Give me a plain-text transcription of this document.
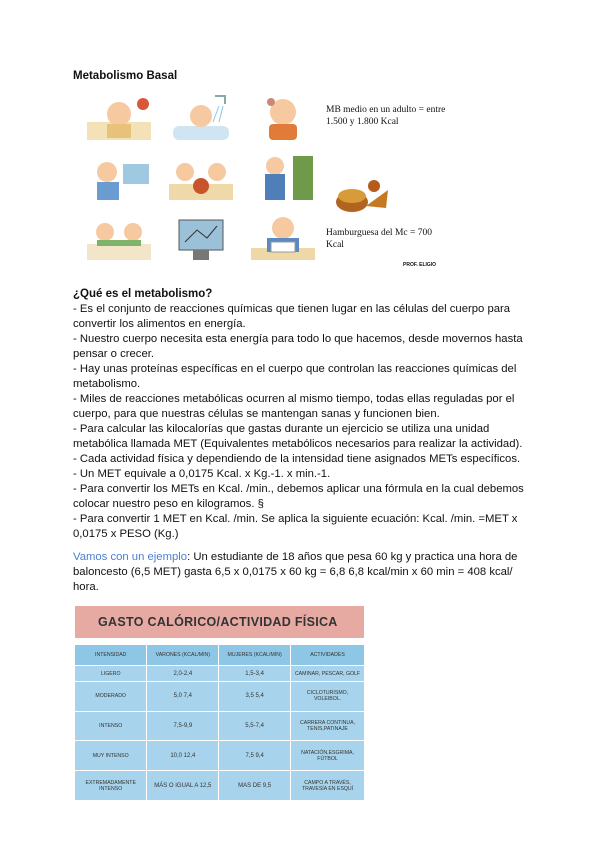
Metabolismo Basal
MB medio en un adulto = entre 1.500 y 1.800 Kcal
Hamburguesa del Mc = 700 Kcal
PROF. ELIGIO
¿Qué es el metabolismo?

- Es el conjunto de reacciones químicas que tienen lugar en las células del cuerpo para convertir los alimentos en energía.

- Nuestro cuerpo necesita esta energía para todo lo que hacemos, desde movernos hasta pensar o crecer.

- Hay unas proteínas específicas en el cuerpo que controlan las reacciones químicas del metabolismo.

- Miles de reacciones metabólicas ocurren al mismo tiempo, todas ellas reguladas por el cuerpo, para que nuestras células se mantengan sanas y funcionen bien.

- Para calcular las kilocalorías que gastas durante un ejercicio se utiliza una unidad metabólica llamada MET (Equivalentes metabólicos necesarios para realizar la actividad).

- Cada actividad física y dependiendo de la intensidad tiene asignados METs específicos.

- Un MET equivale a 0,0175 Kcal. x Kg.-1. x min.-1.

- Para convertir los METs en Kcal. /min., debemos aplicar una fórmula en la cual debemos colocar nuestro peso en kilogramos. §

- Para convertir 1 MET en Kcal. /min. Se aplica la siguiente ecuación: Kcal. /min. =MET x 0,0175 x PESO (Kg.)

Vamos con un ejemplo: Un estudiante de 18 años que pesa 60 kg y practica una hora de baloncesto (6,5 MET) gasta 6,5 x 0,0175 x 60 kg = 6,8 6,8 kcal/min x 60 min = 408 kcal/ hora.
GASTO CALÓRICO/ACTIVIDAD FÍSICA
INTENSIDAD	VARONES (KCAL/MIN)	MUJERES (KCAL/MIN)	ACTIVIDADES
LIGERO	2,0-2,4	1,5-3,4	CAMINAR, PESCAR, GOLF
MODERADO	5,0 7,4	3,5 5,4	CICLOTURISMO, VOLEIBOL.
INTENSO	7,5-9,9	5,5-7,4	CARRERA CONTINUA, TENIS,PATINAJE
MUY INTENSO	10,0 12,4	7,5 9,4	NATACIÓN,ESGRIMA, FÚTBOL
EXTREMADAMENTE INTENSO	MÁS O IGUAL A 12,5	MAS DE 9,5	CAMPO A TRAVÉS, TRAVESÍA EN ESQUÍ
